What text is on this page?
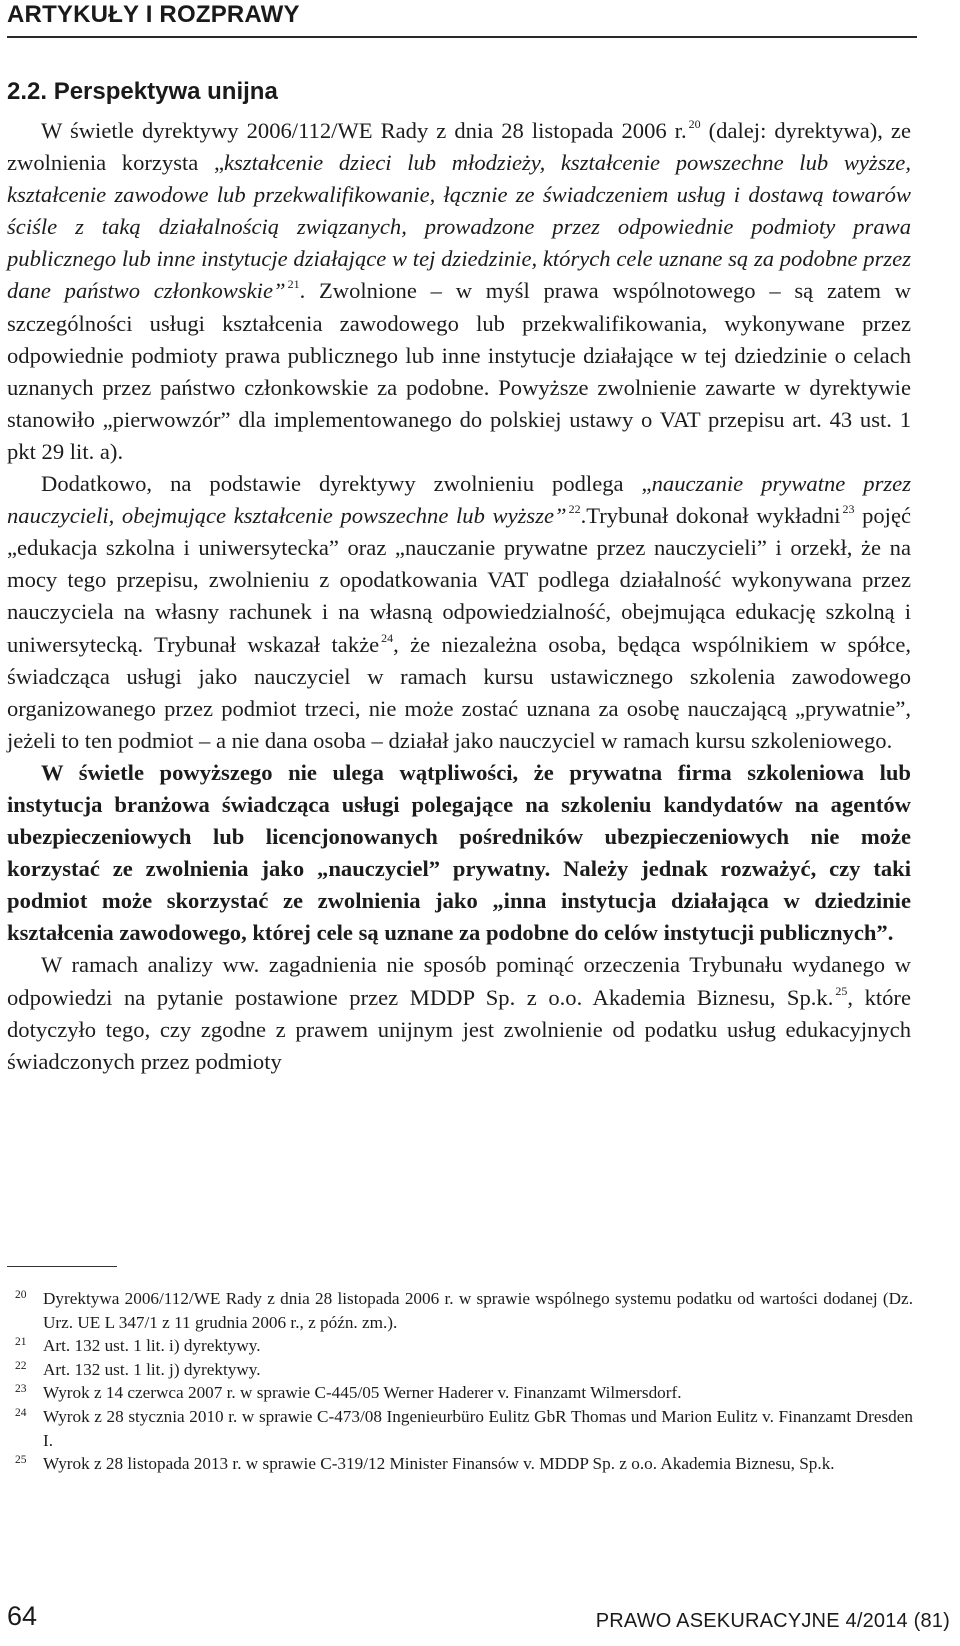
ARTYKUŁY I ROZPRAWY
2.2. Perspektywa unijna

W świetle dyrektywy 2006/112/WE Rady z dnia 28 listopada 2006 r. $^{20}$ (dalej: dyrektywa), ze zwolnienia korzysta „kształcenie dzieci lub młodzieży, kształcenie powszechne lub wyższe, kształcenie zawodowe lub przekwalifikowanie, łącznie ze świadczeniem usług i dostawą towarów ściśle z taką działalnością związanych, prowadzone przez odpowiednie podmioty prawa publicznego lub inne instytucje działające w tej dziedzinie, których cele uznane są za podobne przez dane państwo członkowskie” $^{21}$. Zwolnione – w myśl prawa wspólnotowego – są zatem w szczególności usługi kształcenia zawodowego lub przekwalifikowania, wykonywane przez odpowiednie podmioty prawa publicznego lub inne instytucje działające w tej dziedzinie o celach uznanych przez państwo członkowskie za podobne. Powyższe zwolnienie zawarte w dyrektywie stanowiło „pierwowzór” dla implementowanego do polskiej ustawy o VAT przepisu art. 43 ust. 1 pkt 29 lit. a).

Dodatkowo, na podstawie dyrektywy zwolnieniu podlega „nauczanie prywatne przez nauczycieli, obejmujące kształcenie powszechne lub wyższe” $^{22}$.Trybunał dokonał wykładni $^{23}$ pojęć „edukacja szkolna i uniwersytecka” oraz „nauczanie prywatne przez nauczycieli” i orzekł, że na mocy tego przepisu, zwolnieniu z opodatkowania VAT podlega działalność wykonywana przez nauczyciela na własny rachunek i na własną odpowiedzialność, obejmująca edukację szkolną i uniwersytecką. Trybunał wskazał także $^{24}$, że niezależna osoba, będąca wspólnikiem w spółce, świadcząca usługi jako nauczyciel w ramach kursu ustawicznego szkolenia zawodowego organizowanego przez podmiot trzeci, nie może zostać uznana za osobę nauczającą „prywatnie”, jeżeli to ten podmiot – a nie dana osoba – działał jako nauczyciel w ramach kursu szkoleniowego.

W świetle powyższego nie ulega wątpliwości, że prywatna firma szkoleniowa lub instytucja branżowa świadcząca usługi polegające na szkoleniu kandydatów na agentów ubezpieczeniowych lub licencjonowanych pośredników ubezpieczeniowych nie może korzystać ze zwolnienia jako „nauczyciel” prywatny. Należy jednak rozważyć, czy taki podmiot może skorzystać ze zwolnienia jako „inna instytucja działająca w dziedzinie kształcenia zawodowego, której cele są uznane za podobne do celów instytucji publicznych”.

W ramach analizy ww. zagadnienia nie sposób pominąć orzeczenia Trybunału wydanego w odpowiedzi na pytanie postawione przez MDDP Sp. z o.o. Akademia Biznesu, Sp.k. $^{25}$, które dotyczyło tego, czy zgodne z prawem unijnym jest zwolnienie od podatku usług edukacyjnych świadczonych przez podmioty

20 Dyrektywa 2006/112/WE Rady z dnia 28 listopada 2006 r. w sprawie wspólnego systemu podatku od wartości dodanej (Dz. Urz. UE L 347/1 z 11 grudnia 2006 r., z późn. zm.).
21 Art. 132 ust. 1 lit. i) dyrektywy.
22 Art. 132 ust. 1 lit. j) dyrektywy.
23 Wyrok z 14 czerwca 2007 r. w sprawie C-445/05 Werner Haderer v. Finanzamt Wilmersdorf.
24 Wyrok z 28 stycznia 2010 r. w sprawie C-473/08 Ingenieurbüro Eulitz GbR Thomas und Marion Eulitz v. Finanzamt Dresden I.
25 Wyrok z 28 listopada 2013 r. w sprawie C-319/12 Minister Finansów v. MDDP Sp. z o.o. Akademia Biznesu, Sp.k.
64	PRAWO ASEKURACYJNE 4/2014 (81)
